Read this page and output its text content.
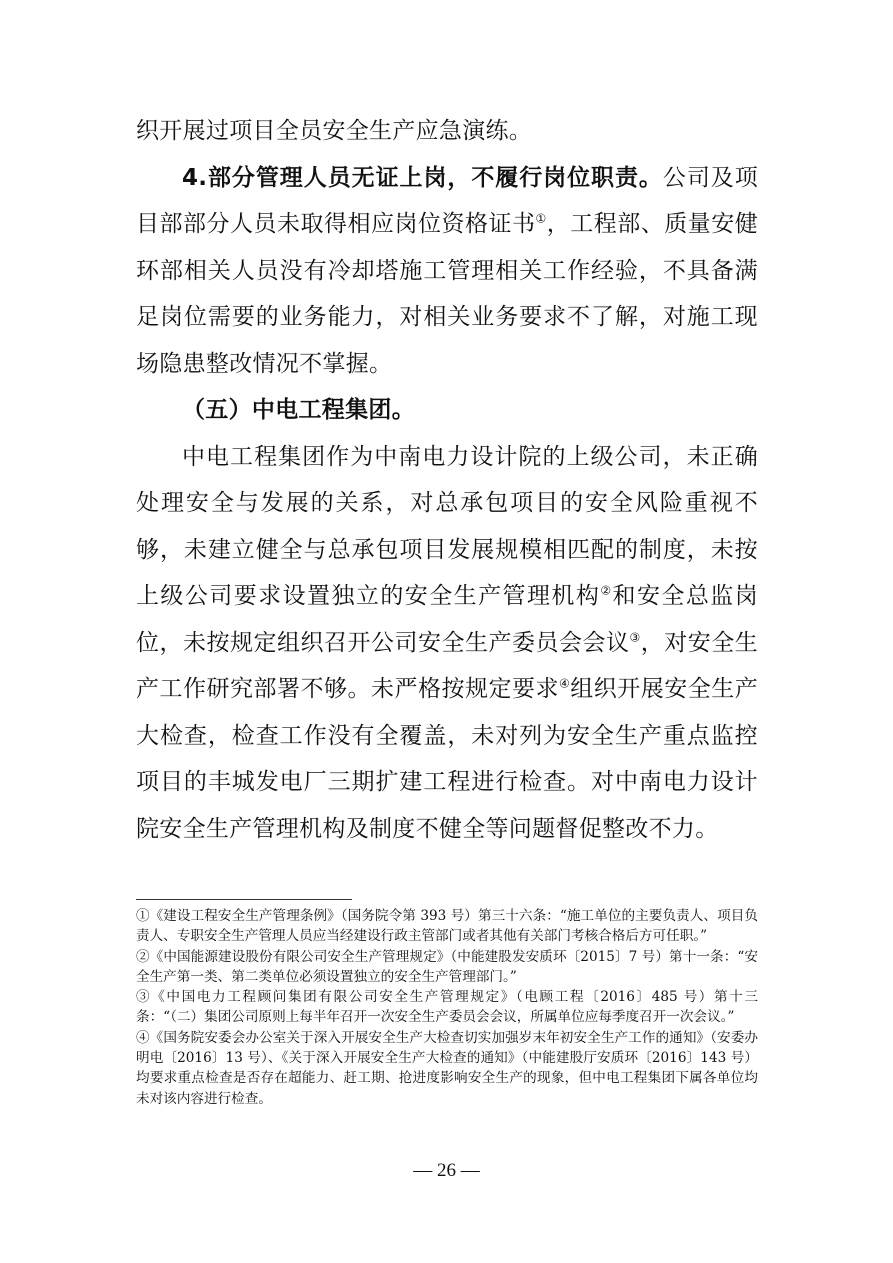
织开展过项目全员安全生产应急演练。

4.部分管理人员无证上岗，不履行岗位职责。公司及项目部部分人员未取得相应岗位资格证书①，工程部、质量安健环部相关人员没有冷却塔施工管理相关工作经验，不具备满足岗位需要的业务能力，对相关业务要求不了解，对施工现场隐患整改情况不掌握。

（五）中电工程集团。

中电工程集团作为中南电力设计院的上级公司，未正确处理安全与发展的关系，对总承包项目的安全风险重视不够，未建立健全与总承包项目发展规模相匹配的制度，未按上级公司要求设置独立的安全生产管理机构②和安全总监岗位，未按规定组织召开公司安全生产委员会会议③，对安全生产工作研究部署不够。未严格按规定要求④组织开展安全生产大检查，检查工作没有全覆盖，未对列为安全生产重点监控项目的丰城发电厂三期扩建工程进行检查。对中南电力设计院安全生产管理机构及制度不健全等问题督促整改不力。

①《建设工程安全生产管理条例》（国务院令第 393 号）第三十六条：“施工单位的主要负责人、项目负责人、专职安全生产管理人员应当经建设行政主管部门或者其他有关部门考核合格后方可任职。”

②《中国能源建设股份有限公司安全生产管理规定》（中能建股发安质环〔2015〕7 号）第十一条：“安全生产第一类、第二类单位必须设置独立的安全生产管理部门。”

③《中国电力工程顾问集团有限公司安全生产管理规定》（电顾工程〔2016〕485 号）第十三条：“（二）集团公司原则上每半年召开一次安全生产委员会会议，所属单位应每季度召开一次会议。”

④《国务院安委会办公室关于深入开展安全生产大检查切实加强岁末年初安全生产工作的通知》（安委办明电〔2016〕13 号）、《关于深入开展安全生产大检查的通知》（中能建股厅安质环〔2016〕143 号）均要求重点检查是否存在超能力、赶工期、抢进度影响安全生产的现象，但中电工程集团下属各单位均未对该内容进行检查。

— 26 —
